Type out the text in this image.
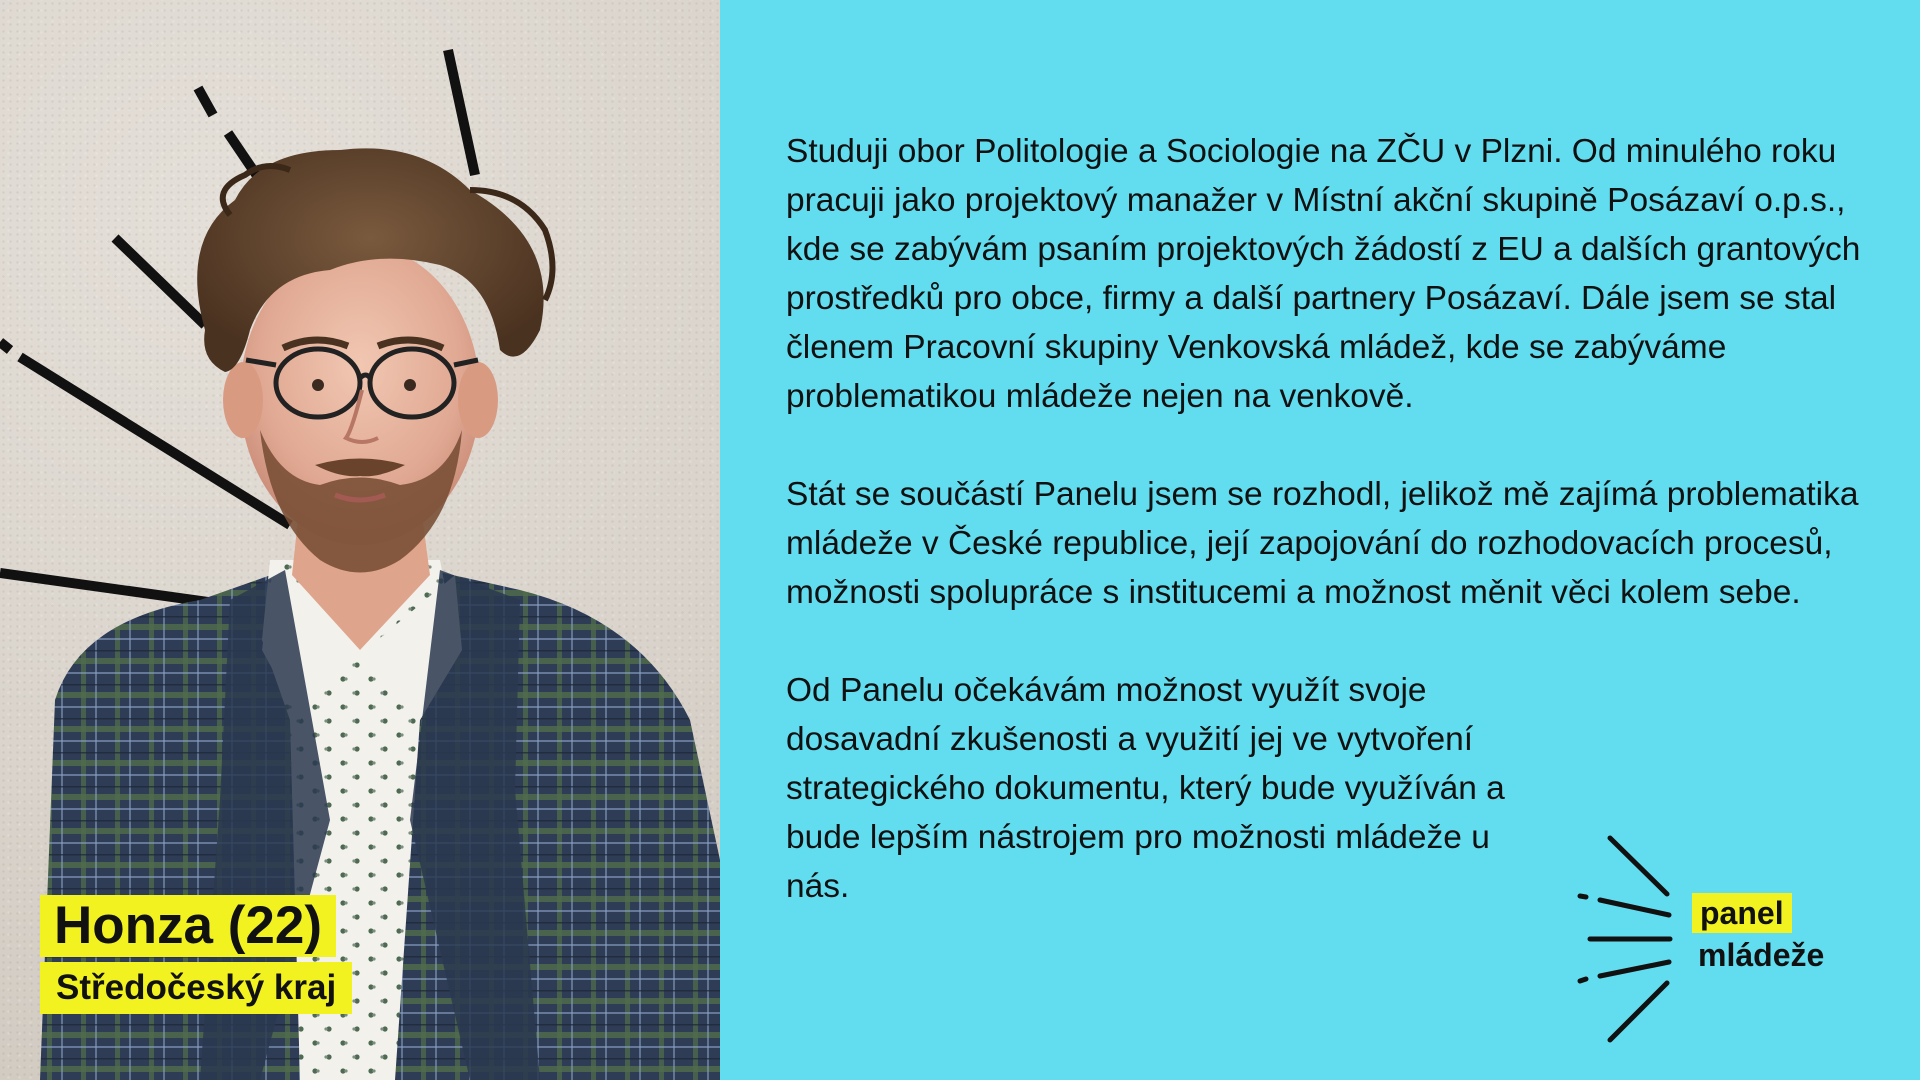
Studuji obor Politologie a Sociologie na ZČU v Plzni. Od minulého roku pracuji jako projektový manažer v Místní akční skupině Posázaví o.p.s., kde se zabývám psaním projektových žádostí z EU a dalších grantových prostředků pro obce, firmy a další partnery Posázaví. Dále jsem se stal členem Pracovní skupiny Venkovská mládež, kde se zabýváme problematikou mládeže nejen na venkově.

Stát se součástí Panelu jsem se rozhodl, jelikož mě zajímá problematika mládeže v České republice, její zapojování do rozhodovacích procesů, možnosti spolupráce s institucemi a možnost měnit věci kolem sebe.

Od Panelu očekávám možnost využít svoje dosavadní zkušenosti a využití jej ve vytvoření strategického dokumentu, který bude využíván a bude lepším nástrojem pro možnosti mládeže u nás.

Honza (22)
Středočeský kraj
panel
mládeže
